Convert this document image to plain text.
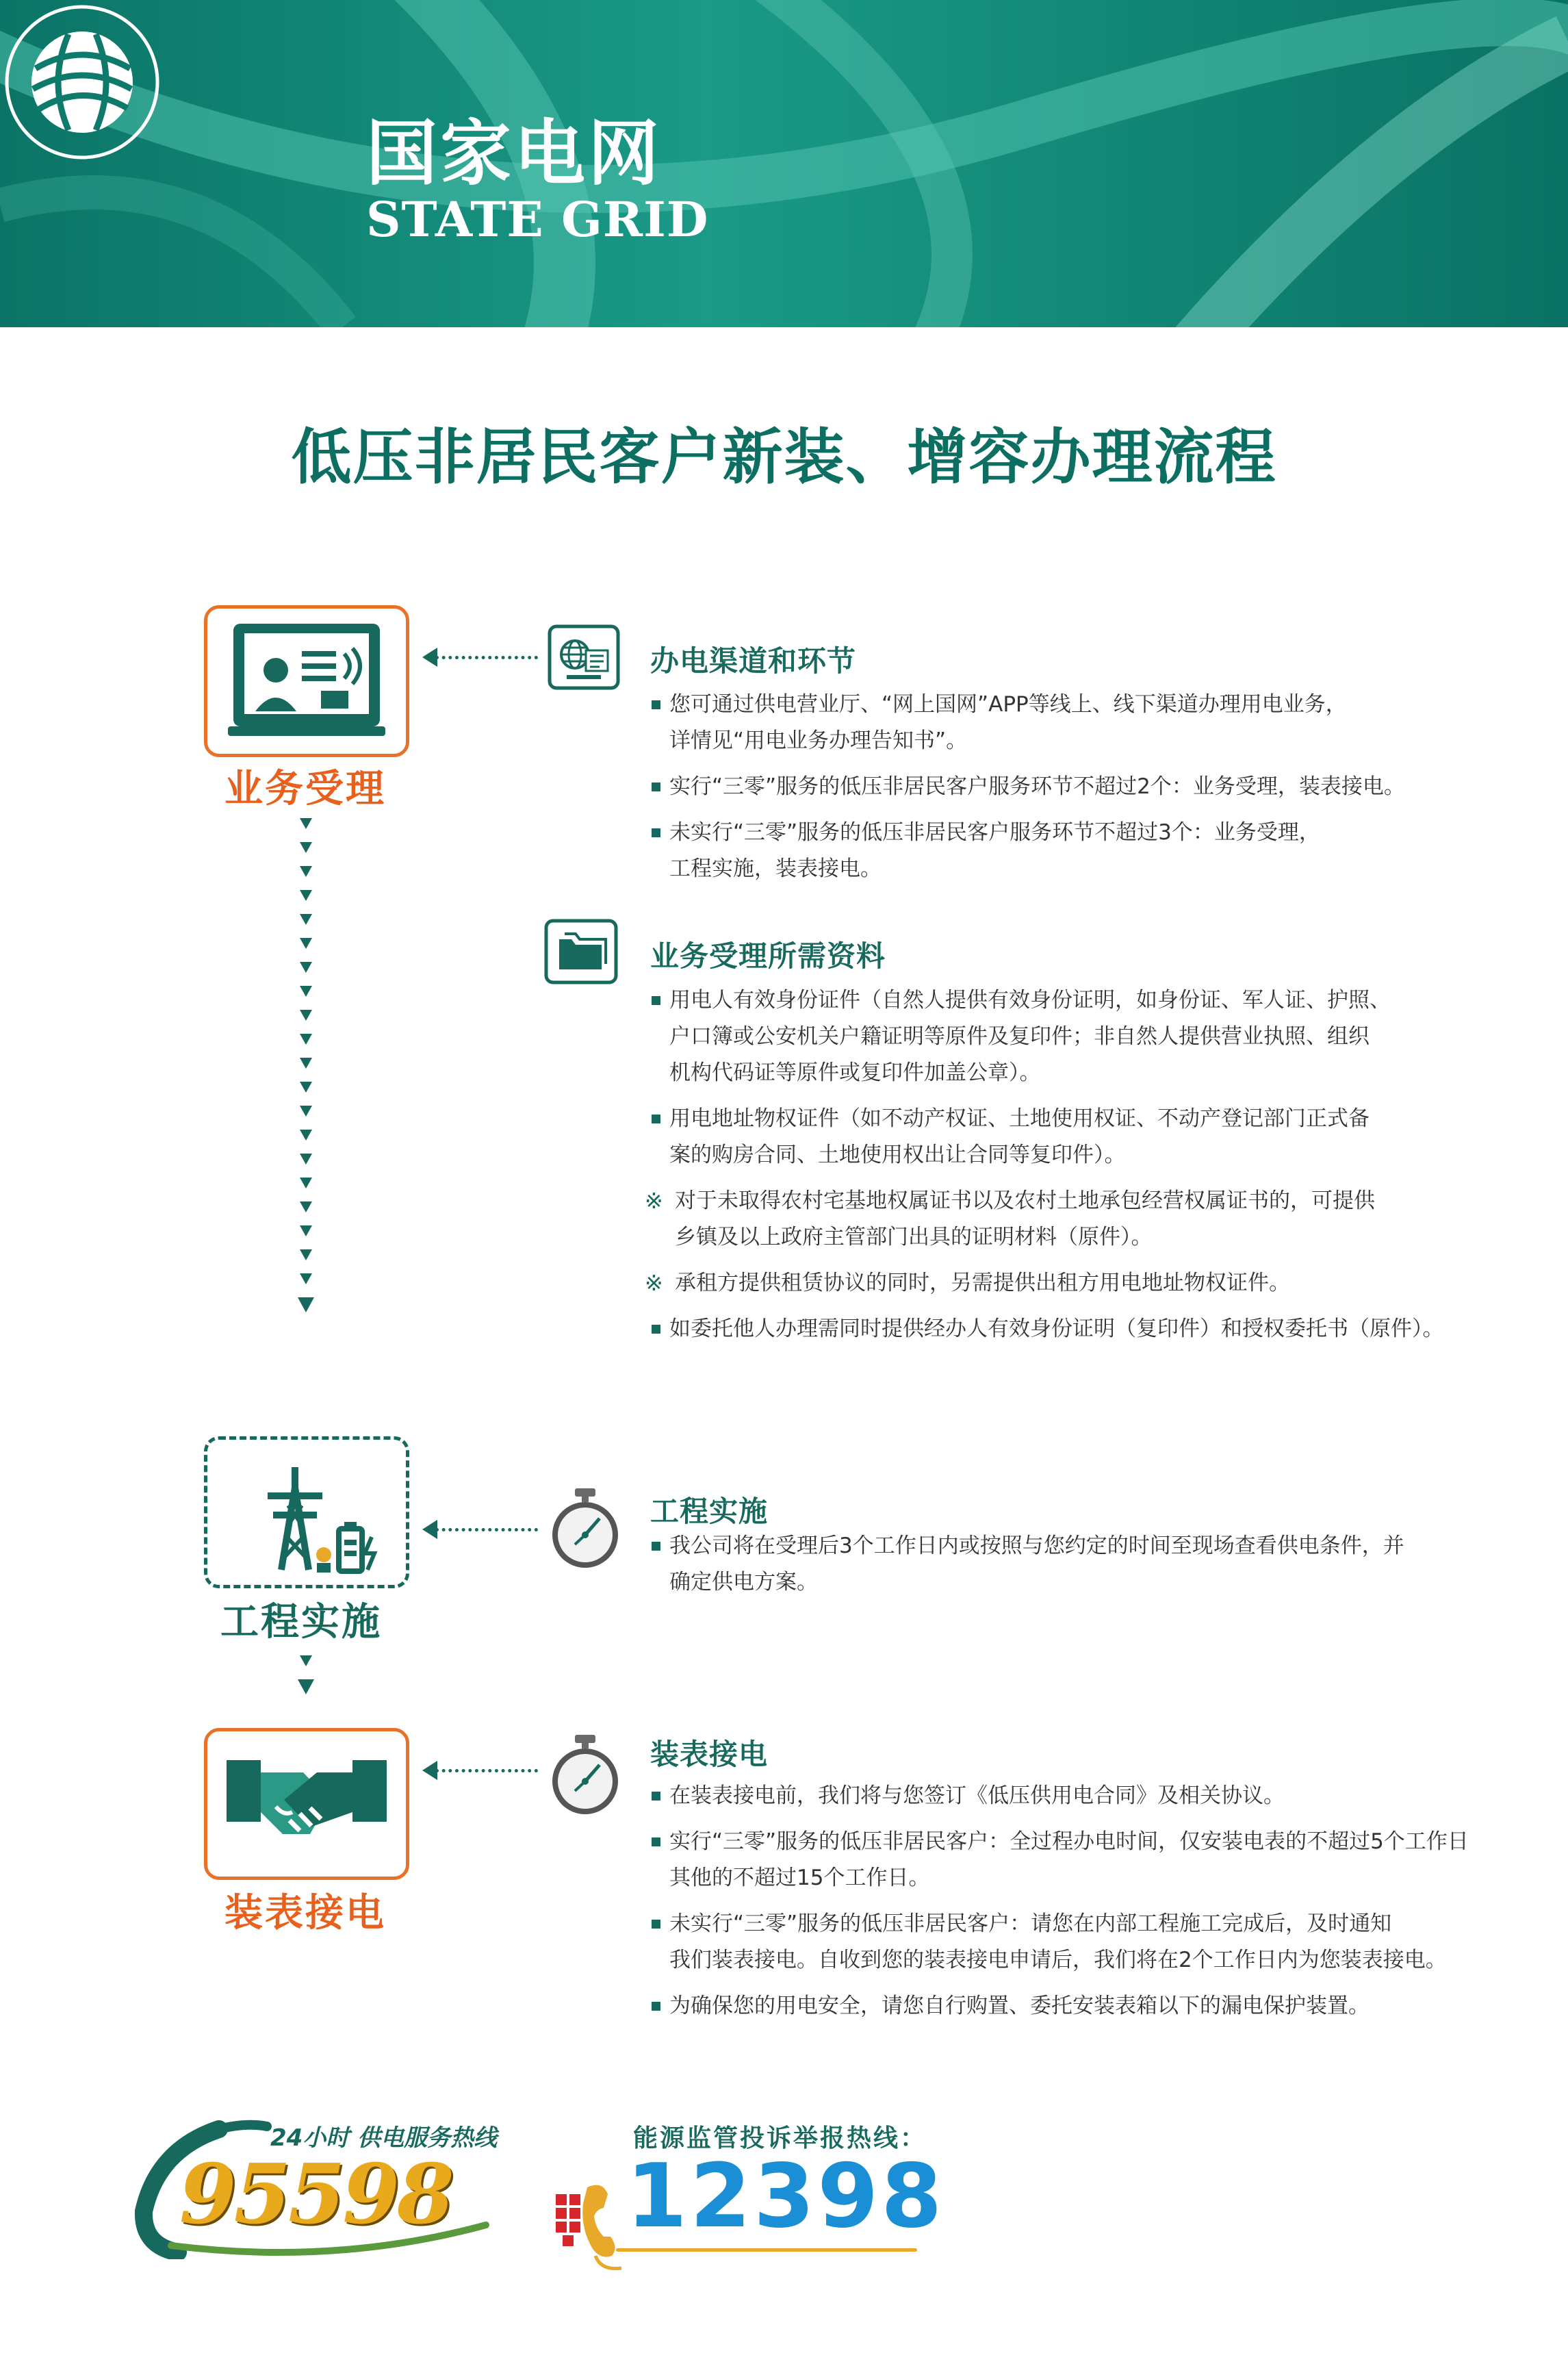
国家电网
STATE GRID
低压非居民客户新装、增容办理流程
业务受理
工程实施
装表接电
办电渠道和环节

您可通过供电营业厅、“网上国网”APP等线上、线下渠道办理用电业务，

详情见“用电业务办理告知书”。

实行“三零”服务的低压非居民客户服务环节不超过2个：业务受理，装表接电。

未实行“三零”服务的低压非居民客户服务环节不超过3个：业务受理，

工程实施，装表接电。

业务受理所需资料

用电人有效身份证件（自然人提供有效身份证明，如身份证、军人证、护照、

户口簿或公安机关户籍证明等原件及复印件；非自然人提供营业执照、组织

机构代码证等原件或复印件加盖公章）。

用电地址物权证件（如不动产权证、土地使用权证、不动产登记部门正式备

案的购房合同、土地使用权出让合同等复印件）。

※ 对于未取得农村宅基地权属证书以及农村土地承包经营权属证书的，可提供

乡镇及以上政府主管部门出具的证明材料（原件）。

※ 承租方提供租赁协议的同时，另需提供出租方用电地址物权证件。

如委托他人办理需同时提供经办人有效身份证明（复印件）和授权委托书（原件）。

工程实施

我公司将在受理后3个工作日内或按照与您约定的时间至现场查看供电条件，并

确定供电方案。

装表接电

在装表接电前，我们将与您签订《低压供用电合同》及相关协议。

实行“三零”服务的低压非居民客户：全过程办电时间，仅安装电表的不超过5个工作日

其他的不超过15个工作日。

未实行“三零”服务的低压非居民客户：请您在内部工程施工完成后，及时通知

我们装表接电。自收到您的装表接电申请后，我们将在2个工作日内为您装表接电。

为确保您的用电安全，请您自行购置、委托安装表箱以下的漏电保护装置。

24小时 供电服务热线
95598
能源监管投诉举报热线：
12398
